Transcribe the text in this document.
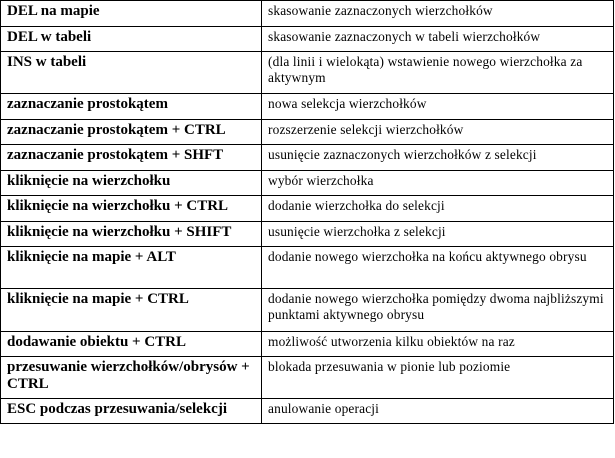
DEL na mapie	skasowanie zaznaczonych wierzchołków
DEL w tabeli	skasowanie zaznaczonych w tabeli wierzchołków
INS w tabeli	(dla linii i wielokąta) wstawienie nowego wierzchołka za aktywnym
zaznaczanie prostokątem	nowa selekcja wierzchołków
zaznaczanie prostokątem + CTRL	rozszerzenie selekcji wierzchołków
zaznaczanie prostokątem + SHFT	usunięcie zaznaczonych wierzchołków z selekcji
kliknięcie na wierzchołku	wybór wierzchołka
kliknięcie na wierzchołku + CTRL	dodanie wierzchołka do selekcji
kliknięcie na wierzchołku + SHIFT	usunięcie wierzchołka z selekcji
kliknięcie na mapie + ALT	dodanie nowego wierzchołka na końcu aktywnego obrysu
kliknięcie na mapie + CTRL	dodanie nowego wierzchołka pomiędzy dwoma najbliższymi punktami aktywnego obrysu
dodawanie obiektu + CTRL	możliwość utworzenia kilku obiektów na raz
przesuwanie wierzchołków/obrysów + CTRL	blokada przesuwania w pionie lub poziomie
ESC podczas przesuwania/selekcji	anulowanie operacji
